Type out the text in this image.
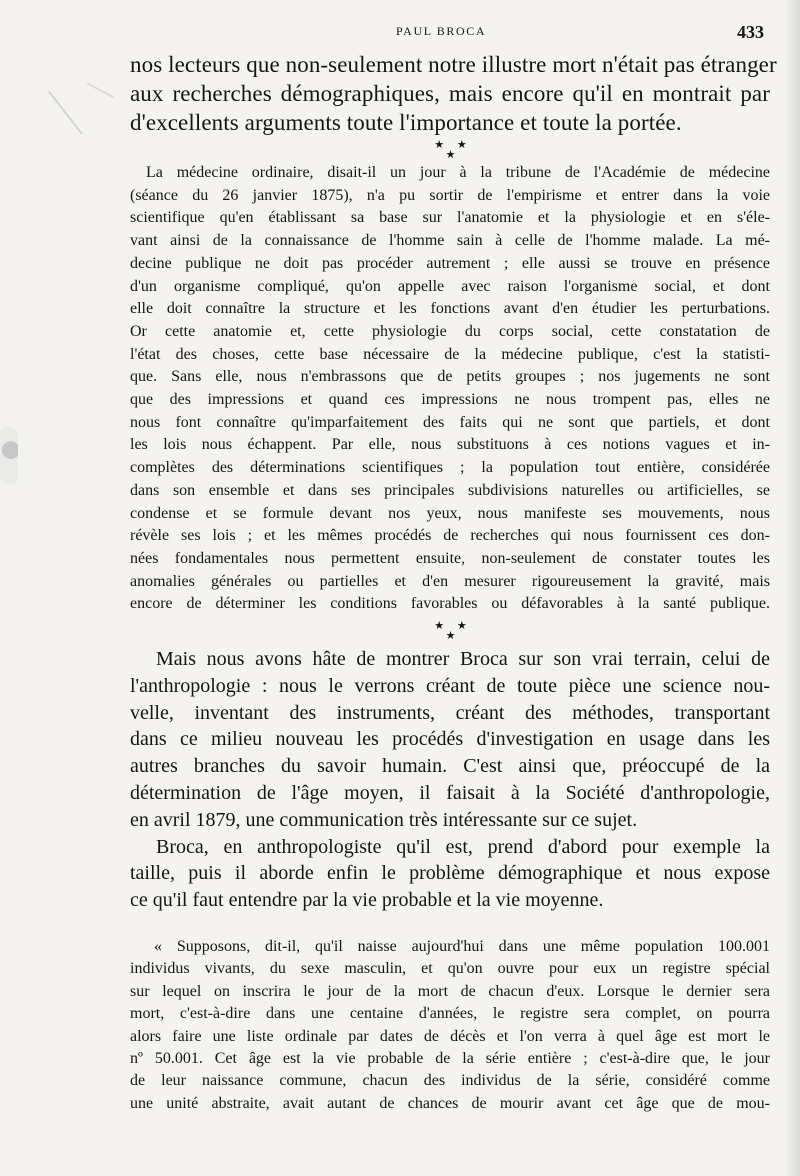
PAUL BROCA	433
nos lecteurs que non-seulement notre illustre mort n'était pas étranger
aux recherches démographiques, mais encore qu'il en montrait par
d'excellents arguments toute l'importance et toute la portée.
★ ★ ★
La médecine ordinaire, disait-il un jour à la tribune de l'Académie de médecine
(séance du 26 janvier 1875), n'a pu sortir de l'empirisme et entrer dans la voie
scientifique qu'en établissant sa base sur l'anatomie et la physiologie et en s'éle-
vant ainsi de la connaissance de l'homme sain à celle de l'homme malade. La mé-
decine publique ne doit pas procéder autrement ; elle aussi se trouve en présence
d'un organisme compliqué, qu'on appelle avec raison l'organisme social, et dont
elle doit connaître la structure et les fonctions avant d'en étudier les perturbations.
Or cette anatomie et, cette physiologie du corps social, cette constatation de
l'état des choses, cette base nécessaire de la médecine publique, c'est la statisti-
que. Sans elle, nous n'embrassons que de petits groupes ; nos jugements ne sont
que des impressions et quand ces impressions ne nous trompent pas, elles ne
nous font connaître qu'imparfaitement des faits qui ne sont que partiels, et dont
les lois nous échappent. Par elle, nous substituons à ces notions vagues et in-
complètes des déterminations scientifiques ; la population tout entière, considérée
dans son ensemble et dans ses principales subdivisions naturelles ou artificielles, se
condense et se formule devant nos yeux, nous manifeste ses mouvements, nous
révèle ses lois ; et les mêmes procédés de recherches qui nous fournissent ces don-
nées fondamentales nous permettent ensuite, non-seulement de constater toutes les
anomalies générales ou partielles et d'en mesurer rigoureusement la gravité, mais
encore de déterminer les conditions favorables ou défavorables à la santé publique.
★ ★ ★
Mais nous avons hâte de montrer Broca sur son vrai terrain, celui de
l'anthropologie : nous le verrons créant de toute pièce une science nou-
velle, inventant des instruments, créant des méthodes, transportant
dans ce milieu nouveau les procédés d'investigation en usage dans les
autres branches du savoir humain. C'est ainsi que, préoccupé de la
détermination de l'âge moyen, il faisait à la Société d'anthropologie,
en avril 1879, une communication très intéressante sur ce sujet.
Broca, en anthropologiste qu'il est, prend d'abord pour exemple la
taille, puis il aborde enfin le problème démographique et nous expose
ce qu'il faut entendre par la vie probable et la vie moyenne.
« Supposons, dit-il, qu'il naisse aujourd'hui dans une même population 100.001
individus vivants, du sexe masculin, et qu'on ouvre pour eux un registre spécial
sur lequel on inscrira le jour de la mort de chacun d'eux. Lorsque le dernier sera
mort, c'est-à-dire dans une centaine d'années, le registre sera complet, on pourra
alors faire une liste ordinale par dates de décès et l'on verra à quel âge est mort le
nº 50.001. Cet âge est la vie probable de la série entière ; c'est-à-dire que, le jour
de leur naissance commune, chacun des individus de la série, considéré comme
une unité abstraite, avait autant de chances de mourir avant cet âge que de mou-
